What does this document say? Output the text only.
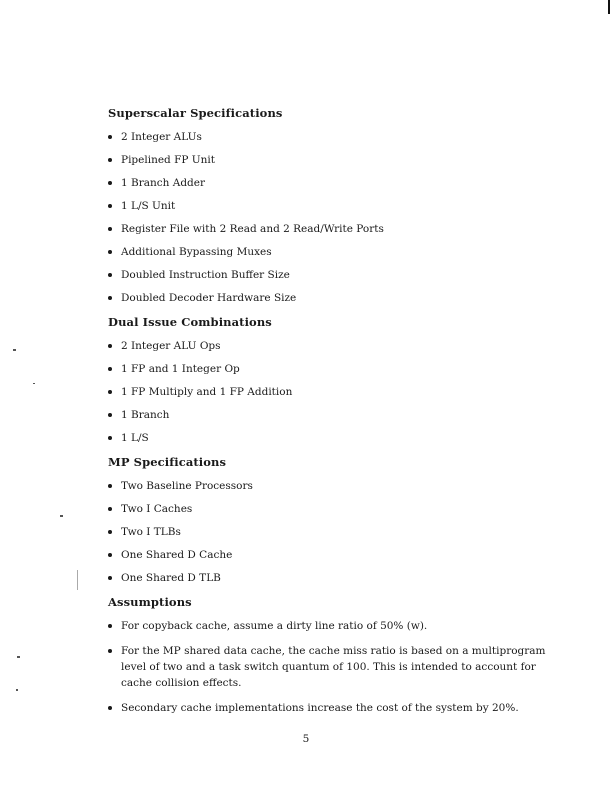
Superscalar Specifications
2 Integer ALUs
Pipelined FP Unit
1 Branch Adder
1 L/S Unit
Register File with 2 Read and 2 Read/Write Ports
Additional Bypassing Muxes
Doubled Instruction Buffer Size
Doubled Decoder Hardware Size
Dual Issue Combinations
2 Integer ALU Ops
1 FP and 1 Integer Op
1 FP Multiply and 1 FP Addition
1 Branch
1 L/S
MP Specifications
Two Baseline Processors
Two I Caches
Two I TLBs
One Shared D Cache
One Shared D TLB
Assumptions
For copyback cache, assume a dirty line ratio of 50% (w).
For the MP shared data cache, the cache miss ratio is based on a multiprogram level of two and a task switch quantum of 100. This is intended to account for cache collision effects.
Secondary cache implementations increase the cost of the system by 20%.
5
